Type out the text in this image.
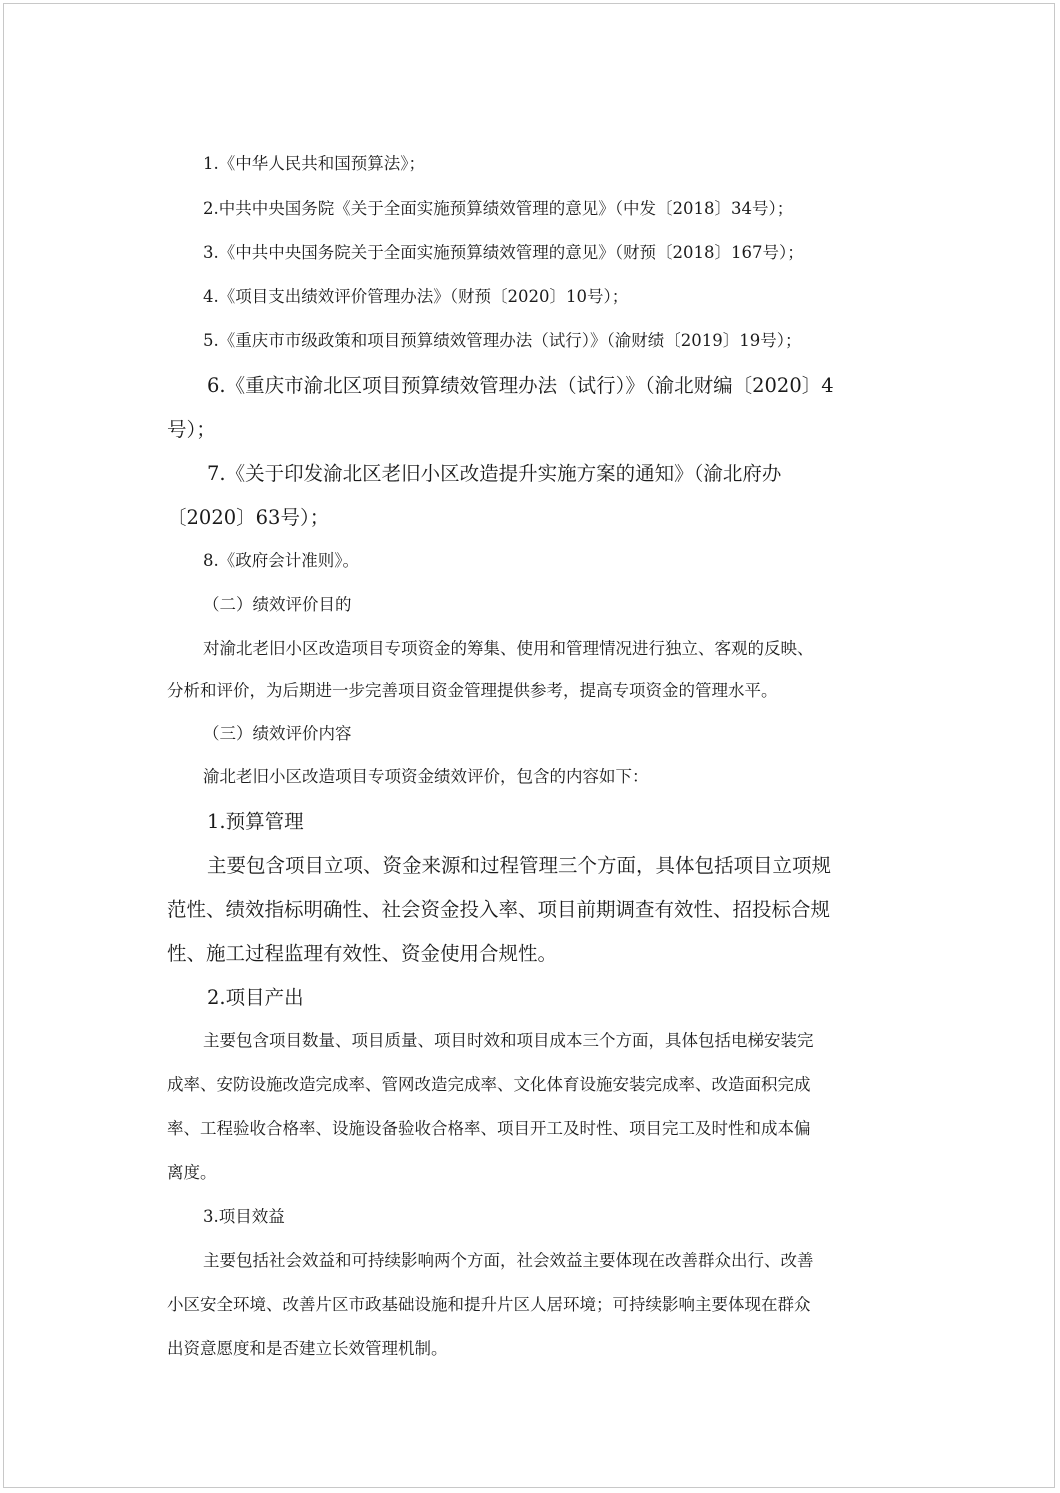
1.《中华人民共和国预算法》；
2.中共中央国务院《关于全面实施预算绩效管理的意见》（中发〔2018〕34号）；
3.《中共中央国务院关于全面实施预算绩效管理的意见》（财预〔2018〕167号）；
4.《项目支出绩效评价管理办法》（财预〔2020〕10号）；
5.《重庆市市级政策和项目预算绩效管理办法（试行）》（渝财绩〔2019〕19号）；
6.《重庆市渝北区项目预算绩效管理办法（试行）》（渝北财编〔2020〕4
号）；
7.《关于印发渝北区老旧小区改造提升实施方案的通知》（渝北府办
〔2020〕63号）；
8.《政府会计准则》。
（二）绩效评价目的
对渝北老旧小区改造项目专项资金的筹集、使用和管理情况进行独立、客观的反映、
分析和评价，为后期进一步完善项目资金管理提供参考，提高专项资金的管理水平。
（三）绩效评价内容
渝北老旧小区改造项目专项资金绩效评价，包含的内容如下：
1.预算管理
主要包含项目立项、资金来源和过程管理三个方面，具体包括项目立项规
范性、绩效指标明确性、社会资金投入率、项目前期调查有效性、招投标合规
性、施工过程监理有效性、资金使用合规性。
2.项目产出
主要包含项目数量、项目质量、项目时效和项目成本三个方面，具体包括电梯安装完
成率、安防设施改造完成率、管网改造完成率、文化体育设施安装完成率、改造面积完成
率、工程验收合格率、设施设备验收合格率、项目开工及时性、项目完工及时性和成本偏
离度。
3.项目效益
主要包括社会效益和可持续影响两个方面，社会效益主要体现在改善群众出行、改善
小区安全环境、改善片区市政基础设施和提升片区人居环境；可持续影响主要体现在群众
出资意愿度和是否建立长效管理机制。
